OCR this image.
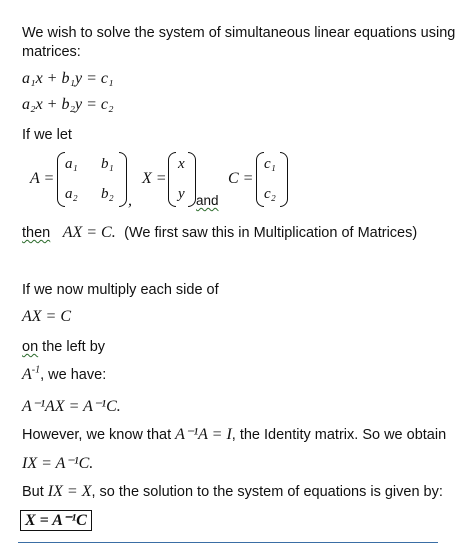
We wish to solve the system of simultaneous linear equations using
matrices:
a₁x + b₁y = c₁
a₂x + b₂y = c₂
If we let
A =
a₁ b₁
a₂ b₂ ,
X =
x
y and
C =
c₁
c₂
then AX = C. (We first saw this in Multiplication of Matrices)
If we now multiply each side of
AX = C
on the left by
$A^{-1}$, we have:
A⁻¹AX = A⁻¹C.
However, we know that A⁻¹A = I, the Identity matrix. So we obtain
IX = A⁻¹C.
But IX = X, so the solution to the system of equations is given by:
X = A⁻¹C
